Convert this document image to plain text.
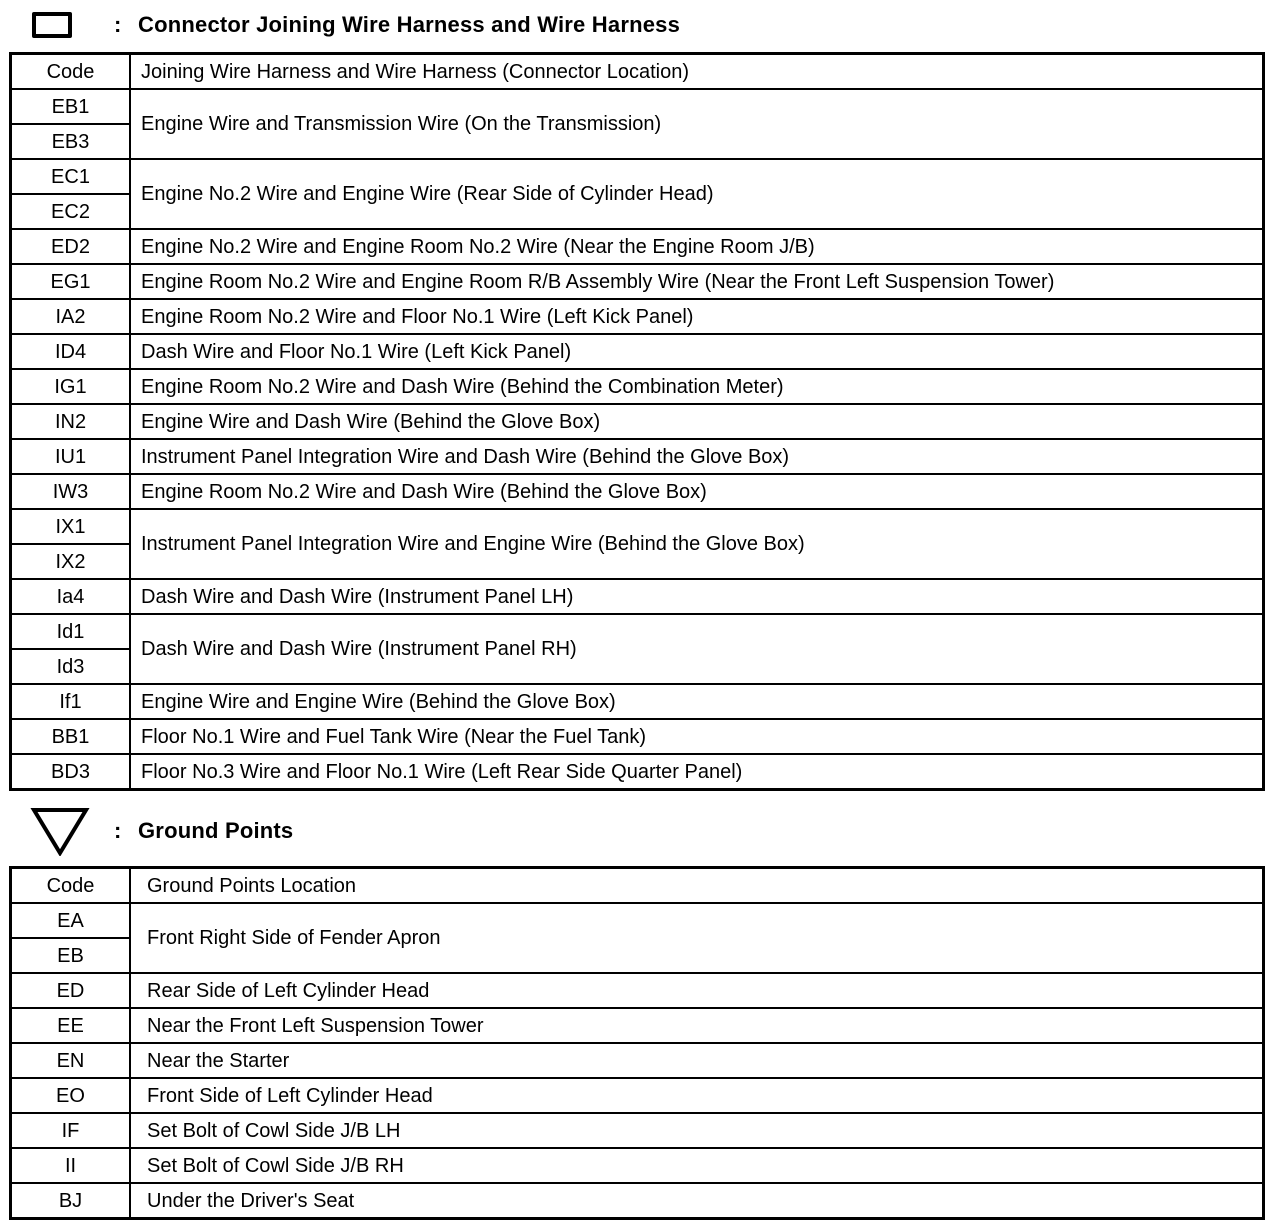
: Connector Joining Wire Harness and Wire Harness
Code	Joining Wire Harness and Wire Harness (Connector Location)
EB1	Engine Wire and Transmission Wire (On the Transmission)
EB3	
EC1	Engine No.2 Wire and Engine Wire (Rear Side of Cylinder Head)
EC2	
ED2	Engine No.2 Wire and Engine Room No.2 Wire (Near the Engine Room J/B)
EG1	Engine Room No.2 Wire and Engine Room R/B Assembly Wire (Near the Front Left Suspension Tower)
IA2	Engine Room No.2 Wire and Floor No.1 Wire (Left Kick Panel)
ID4	Dash Wire and Floor No.1 Wire (Left Kick Panel)
IG1	Engine Room No.2 Wire and Dash Wire (Behind the Combination Meter)
IN2	Engine Wire and Dash Wire (Behind the Glove Box)
IU1	Instrument Panel Integration Wire and Dash Wire (Behind the Glove Box)
IW3	Engine Room No.2 Wire and Dash Wire (Behind the Glove Box)
IX1	Instrument Panel Integration Wire and Engine Wire (Behind the Glove Box)
IX2	
Ia4	Dash Wire and Dash Wire (Instrument Panel LH)
Id1	Dash Wire and Dash Wire (Instrument Panel RH)
Id3	
If1	Engine Wire and Engine Wire (Behind the Glove Box)
BB1	Floor No.1 Wire and Fuel Tank Wire (Near the Fuel Tank)
BD3	Floor No.3 Wire and Floor No.1 Wire (Left Rear Side Quarter Panel)
: Ground Points
Code	Ground Points Location
EA	Front Right Side of Fender Apron
EB	
ED	Rear Side of Left Cylinder Head
EE	Near the Front Left Suspension Tower
EN	Near the Starter
EO	Front Side of Left Cylinder Head
IF	Set Bolt of Cowl Side J/B LH
II	Set Bolt of Cowl Side J/B RH
BJ	Under the Driver's Seat
